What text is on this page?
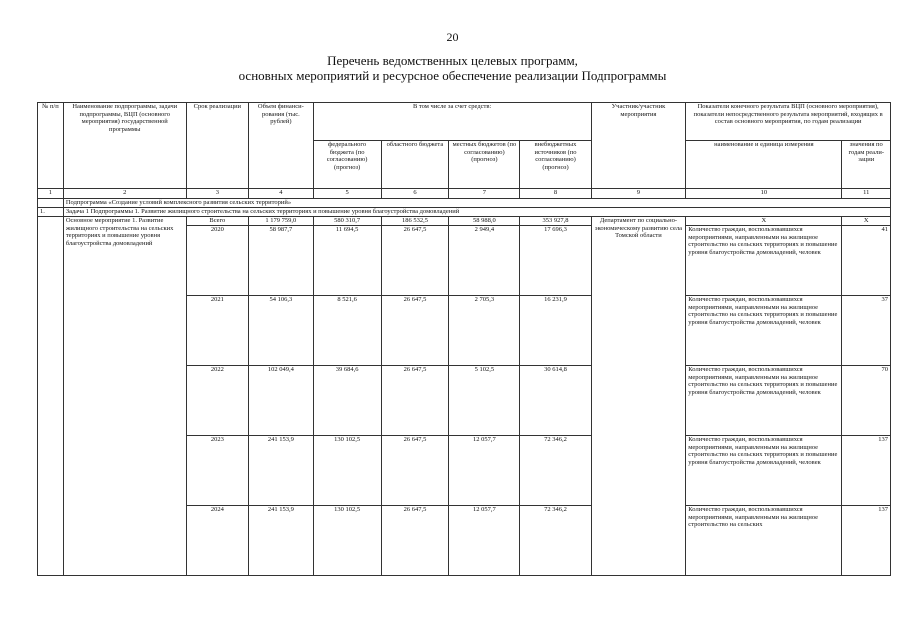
20
Перечень ведомственных целевых программ,
основных мероприятий и ресурсное обеспечение реализации Подпрограммы
№ п/п	Наименование подпрограммы, задачи подпрограммы, ВЦП (основного мероприятия) государственной программы	Срок реализации	Объем финанси-рования (тыс. рублей)	В том числе за счет средств:				Участник/участник мероприятия	Показатели конечного результата ВЦП (основного мероприятия), показатели непосредственного результата мероприятий, входящих в состав основного мероприятия, по годам реализации	
				федерального бюджета (по согласованию) (прогноз)	областного бюджета	местных бюджетов (по согласованию) (прогноз)	внебюджетных источников (по согласованию) (прогноз)		наименование и единица измерения	значения по годам реали-зации
1	2	3	4	5	6	7	8	9	10	11
	Подпрограмма «Создание условий комплексного развития сельских территорий»									
1.	Задача 1 Подпрограммы 1. Развитие жилищного строительства на сельских территориях и повышение уровня благоустройства домовладений									
	Основное мероприятие 1. Развитие жилищного строительства на сельских территориях и повышение уровня благоустройства домовладений	Всего	1 179 759,0	580 310,7	186 532,5	58 988,0	353 927,8	Департамент по социально-экономическому развитию села Томской области	X	X
		2020	58 987,7	11 694,5	26 647,5	2 949,4	17 696,3		Количество граждан, воспользовавшихся мероприятиями, направленными на жилищное строительство на сельских территориях и повышение уровня благоустройства домовладений, человек	41
		2021	54 106,3	8 521,6	26 647,5	2 705,3	16 231,9		Количество граждан, воспользовавшихся мероприятиями, направленными на жилищное строительство на сельских территориях и повышение уровня благоустройства домовладений, человек	37
		2022	102 049,4	39 684,6	26 647,5	5 102,5	30 614,8		Количество граждан, воспользовавшихся мероприятиями, направленными на жилищное строительство на сельских территориях и повышение уровня благоустройства домовладений, человек	70
		2023	241 153,9	130 102,5	26 647,5	12 057,7	72 346,2		Количество граждан, воспользовавшихся мероприятиями, направленными на жилищное строительство на сельских территориях и повышение уровня благоустройства домовладений, человек	137
		2024	241 153,9	130 102,5	26 647,5	12 057,7	72 346,2		Количество граждан, воспользовавшихся мероприятиями, направленными на жилищное строительство на сельских	137
